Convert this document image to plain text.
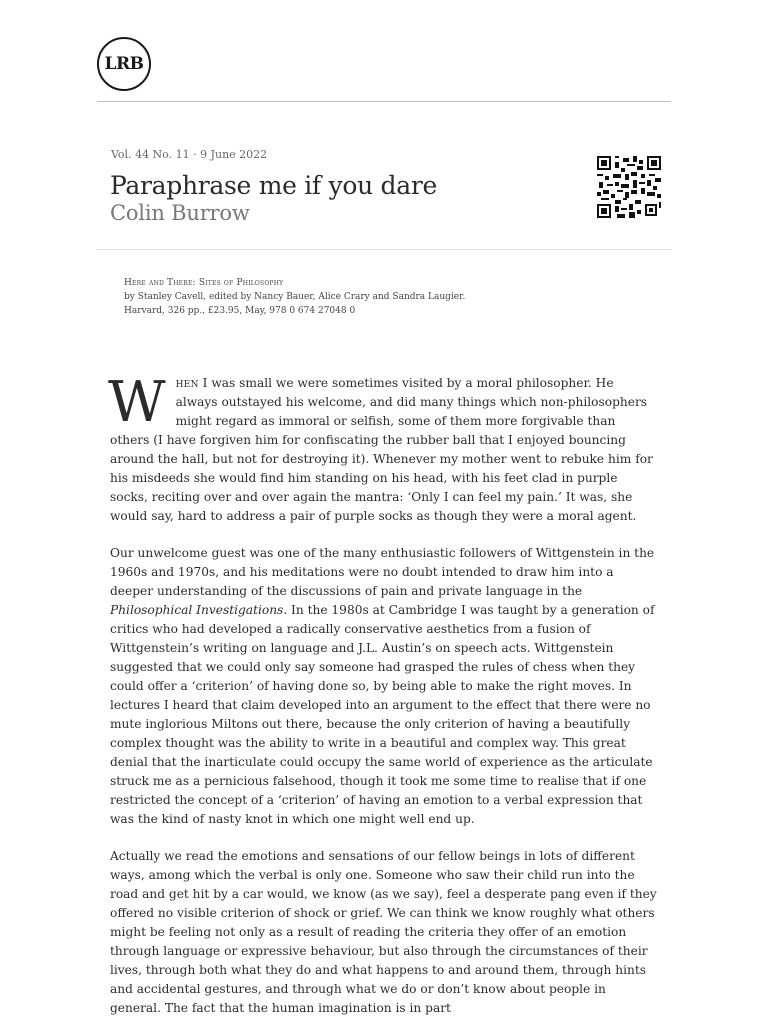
LRB
Vol. 44 No. 11 · 9 June 2022
Paraphrase me if you dare
Colin Burrow
Here and There: Sites of Philosophy
by Stanley Cavell, edited by Nancy Bauer, Alice Crary and Sandra Laugier.
Harvard, 326 pp., £23.95, May, 978 0 674 27048 0

When I was small we were sometimes visited by a moral philosopher. He always outstayed his welcome, and did many things which non-philosophers might regard as immoral or selfish, some of them more forgivable than others (I have forgiven him for confiscating the rubber ball that I enjoyed bouncing around the hall, but not for destroying it). Whenever my mother went to rebuke him for his misdeeds she would find him standing on his head, with his feet clad in purple socks, reciting over and over again the mantra: ‘Only I can feel my pain.’ It was, she would say, hard to address a pair of purple socks as though they were a moral agent.

Our unwelcome guest was one of the many enthusiastic followers of Wittgenstein in the 1960s and 1970s, and his meditations were no doubt intended to draw him into a deeper understanding of the discussions of pain and private language in the Philosophical Investigations. In the 1980s at Cambridge I was taught by a generation of critics who had developed a radically conservative aesthetics from a fusion of Wittgenstein’s writing on language and J.L. Austin’s on speech acts. Wittgenstein suggested that we could only say someone had grasped the rules of chess when they could offer a ‘criterion’ of having done so, by being able to make the right moves. In lectures I heard that claim developed into an argument to the effect that there were no mute inglorious Miltons out there, because the only criterion of having a beautifully complex thought was the ability to write in a beautiful and complex way. This great denial that the inarticulate could occupy the same world of experience as the articulate struck me as a pernicious falsehood, though it took me some time to realise that if one restricted the concept of a ‘criterion’ of having an emotion to a verbal expression that was the kind of nasty knot in which one might well end up.

Actually we read the emotions and sensations of our fellow beings in lots of different ways, among which the verbal is only one. Someone who saw their child run into the road and get hit by a car would, we know (as we say), feel a desperate pang even if they offered no visible criterion of shock or grief. We can think we know roughly what others might be feeling not only as a result of reading the criteria they offer of an emotion through language or expressive behaviour, but also through the circumstances of their lives, through both what they do and what happens to and around them, through hints and accidental gestures, and through what we do or don’t know about people in general. The fact that the human imagination is in part
